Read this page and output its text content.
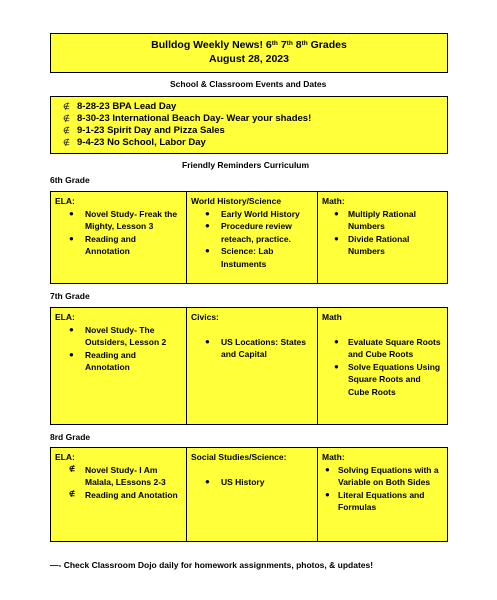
Bulldog Weekly News! 6th 7th 8th Grades
August 28, 2023
School & Classroom Events and Dates
∉ 8-28-23 BPA Lead Day
∉ 8-30-23 International Beach Day- Wear your shades!
∉ 9-1-23 Spirit Day and Pizza Sales
∉ 9-4-23 No School, Labor Day
Friendly Reminders Curriculum
6th Grade
ELA:
● Novel Study- Freak the Mighty, Lesson 3
● Reading and Annotation
World History/Science
● Early World History
● Procedure review reteach, practice.
● Science: Lab Instuments
Math:
● Multiply Rational Numbers
● Divide Rational Numbers
7th Grade
ELA:
● Novel Study- The Outsiders, Lesson 2
● Reading and Annotation
Civics:
● US Locations: States and Capital
Math
● Evaluate Square Roots and Cube Roots
● Solve Equations Using Square Roots and Cube Roots
8rd Grade
ELA:
∉ Novel Study- I Am Malala, LEssons 2-3
∉ Reading and Anotation
Social Studies/Science:
● US History
Math:
● Solving Equations with a Variable on Both Sides
● Literal Equations and Formulas
—- Check Classroom Dojo daily for homework assignments, photos, & updates!
